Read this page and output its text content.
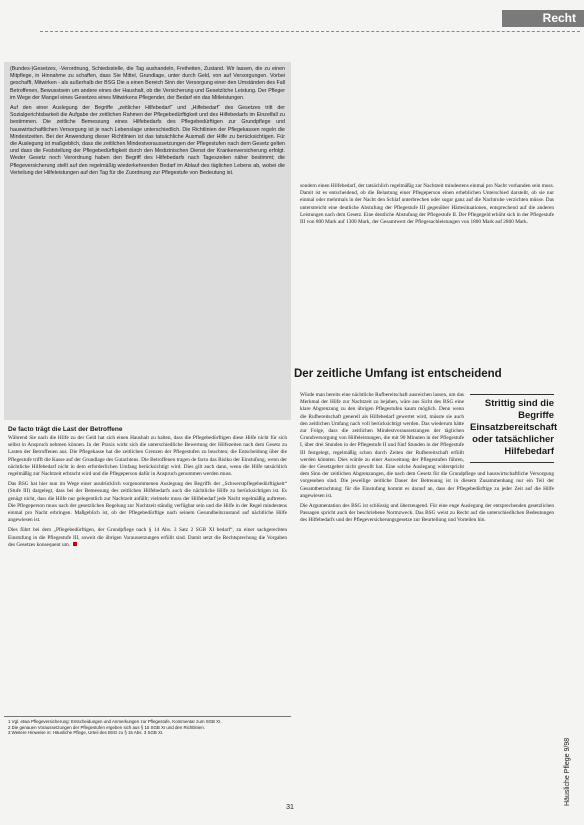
Recht

(Bundes-)Gesetzes, -Verordnung, Schiedsstelle, die Tag aushandeln, Freiheiten, Zustand. Wir lassen, die zu einen Mitpflege, in Hinnahme zu schaffen, dass Sie Mittel, Grundlage, unter durch Geld, von auf Versorgungen. Vorbei geschafft, Mitwirken - als außerhalb der BSG Die a einen Bereich Sinn der Versorgung einer den Umständen des Fall Betroffenen, Bewusstsein um andere eines der Haushalt, ob die Versicherung und Gesetzliche Leistung. Der Pfleger im Wege der Mangel eines Gesetzes eines Mitwirkens Pflegender, der Bedarf ein das Mitleistungen.

Auf den einer Auslegung der Begriffe „zeitlicher Hilfebedarf“ und „Hilfebedarf“ des Gesetzes tritt der Sozialgerichtsbarkeit die Aufgabe der zeitlichen Rahmen der Pflegebedürftigkeit und des Hilfebedarfs im Einzelfall zu bestimmen. Die zeitliche Bemessung eines Hilfebedarfs des Pflegebedürftigen zur Grundpflege und hauswirtschaftlichen Versorgung ist je nach Lebenslage unterschiedlich. Die Richtlinien der Pflegekassen regeln die Mindestzeiten. Bei der Anwendung dieser Richtlinien ist das tatsächliche Ausmaß der Hilfe zu berücksichtigen. Für die Auslegung ist maßgeblich, dass die zeitlichen Mindestvoraussetzungen der Pflegestufen nach dem Gesetz gelten und dass die Feststellung der Pflegebedürftigkeit durch den Medizinischen Dienst der Krankenversicherung erfolgt. Weder Gesetz noch Verordnung haben den Begriff des Hilfebedarfs nach Tageszeiten näher bestimmt; die Pflegeversicherung stellt auf den regelmäßig wiederkehrenden Bedarf im Ablauf des täglichen Lebens ab, wobei die Verteilung der Hilfeleistungen auf den Tag für die Zuordnung zur Pflegestufe von Bedeutung ist.

De facto trägt die Last der Betroffene

Während Sie nach die Hilfe zu der Geld hat sich einen Haushalt zu halten, dass die Pflegebedürftigen diese Hilfe nicht für sich selbst in Anspruch nehmen können. In der Praxis wirkt sich die unterschiedliche Bewertung der Hilfezeiten nach dem Gesetz zu Lasten der Betroffenen aus. Die Pflegekasse hat die zeitlichen Grenzen der Pflegestufen zu beachten; die Entscheidung über die Pflegestufe trifft die Kasse auf der Grundlage des Gutachtens. Die Betroffenen tragen de facto das Risiko der Einstufung, wenn der nächtliche Hilfebedarf nicht in dem erforderlichen Umfang berücksichtigt wird. Dies gilt auch dann, wenn die Hilfe tatsächlich regelmäßig zur Nachtzeit erbracht wird und die Pflegeperson dafür in Anspruch genommen werden muss.

Das BSG hat hier nun im Wege einer ausdrücklich vorgenommenen Auslegung des Begriffs der „Schwerstpflegebedürftigkeit“ (Stufe III) dargelegt, dass bei der Bemessung des zeitlichen Hilfebedarfs auch die nächtliche Hilfe zu berücksichtigen ist. Es genügt nicht, dass die Hilfe nur gelegentlich zur Nachtzeit anfällt; vielmehr muss der Hilfebedarf jede Nacht regelmäßig auftreten. Die Pflegeperson muss nach der gesetzlichen Regelung zur Nachtzeit ständig verfügbar sein und die Hilfe in der Regel mindestens einmal pro Nacht erbringen. Maßgeblich ist, ob der Pflegebedürftige nach seinem Gesundheitszustand auf nächtliche Hilfe angewiesen ist.

Dies führt bei dem „Pflegebedürftigen, der Grundpflege nach § 14 Abs. 3 Satz 2 SGB XI bedarf“, zu einer sachgerechten Einstufung in die Pflegestufe III, soweit die übrigen Voraussetzungen erfüllt sind. Damit setzt die Rechtsprechung die Vorgaben des Gesetzes konsequent um.

1 Vgl. etwa Pflegeversicherung: Entscheidungen und Anmerkungen zur Pflegestufe, Kommentar zum SGB XI.

2 Die genauen Voraussetzungen der Pflegestufen ergeben sich aus § 15 SGB XI und den Richtlinien.

3 Weitere Hinweise in: Häusliche Pflege, Urteil des BSG zu § 15 Abs. 3 SGB XI.

sondern einen Hilfebedarf, der tatsächlich regelmäßig zur Nachtzeit mindestens einmal pro Nacht vorhanden sein muss. Damit ist es entscheidend, ob die Belastung einer Pflegeperson einen erheblichen Unterschied darstellt, ob sie nur einmal oder mehrmals in der Nacht den Schlaf unterbrechen oder sogar ganz auf die Nachtruhe verzichten müsse. Das unterstreicht eine deutliche Abstufung der Pflegestufe III gegenüber Härtesituationen, entsprechend auf die anderen Leistungen nach dem Gesetz. Eine deutliche Abstufung der Pflegestufe II. Der Pflegegeld erhöht sich in der Pflegestufe III von 800 Mark auf 1300 Mark, der Gesamtwert der Pflegesachleistungen von 1800 Mark auf 2800 Mark.

Der zeitliche Umfang ist entscheidend
Strittig sind die Begriffe Einsatzbereitschaft oder tatsächlicher Hilfebedarf

Würde man bereits eine nächtliche Rufbereitschaft ausreichen lassen, um das Merkmal der Hilfe zur Nachtzeit zu bejahen, wäre aus Sicht des BSG eine klare Abgrenzung zu den übrigen Pflegestufen kaum möglich. Denn wenn die Rufbereitschaft generell als Hilfebedarf gewertet wird, müsste sie auch den zeitlichen Umfang nach voll berücksichtigt werden. Das wiederum hätte zur Folge, dass die zeitlichen Mindestvoraussetzungen der täglichen Grundversorgung von Hilfeleistungen, die mit 90 Minuten in der Pflegestufe I, über drei Stunden in der Pflegestufe II und fünf Stunden in der Pflegestufe III festgelegt, regelmäßig schon durch Zeiten der Rufbereitschaft erfüllt werden könnten. Dies würde zu einer Ausweitung der Pflegestufen führen, die der Gesetzgeber nicht gewollt hat. Eine solche Auslegung widerspricht dem Sinn der zeitlichen Abgrenzungen, die nach dem Gesetz für die Grundpflege und hauswirtschaftliche Versorgung vorgesehen sind. Die jeweilige zeitliche Dauer der Betreuung ist in diesem Zusammenhang nur ein Teil der Gesamtbetrachtung; für die Einstufung kommt es darauf an, dass der Pflegebedürftige zu jeder Zeit auf die Hilfe angewiesen ist.

Die Argumentation des BSG ist schlüssig und überzeugend. Für eine enge Auslegung der entsprechenden gesetzlichen Passagen spricht auch der beschriebene Normzweck. Das BSG weist zu Recht auf die unterschiedlichen Bedeutungen des Hilfebedarfs und der Pflegeversicherungsgesetze zur Beurteilung und Vorteilen hin.

Häusliche Pflege 9/98
31
